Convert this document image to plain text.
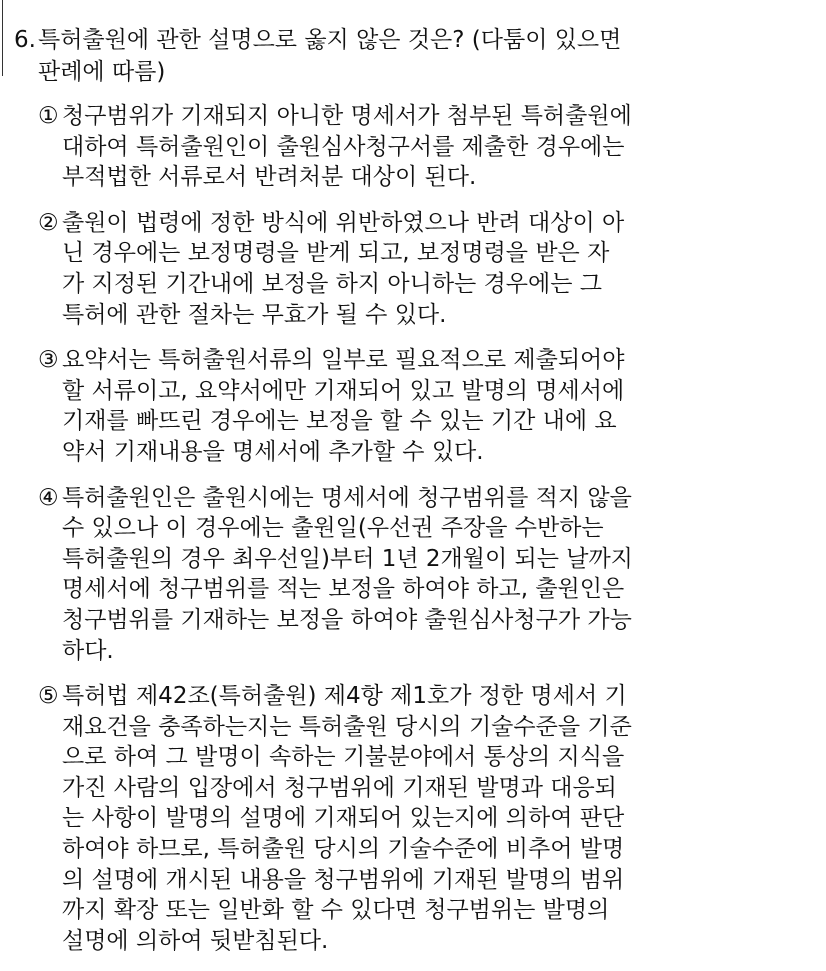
6. 특허출원에 관한 설명으로 옳지 않은 것은? (다툼이 있으면
판례에 따름)
① 청구범위가 기재되지 아니한 명세서가 첨부된 특허출원에
대하여 특허출원인이 출원심사청구서를 제출한 경우에는
부적법한 서류로서 반려처분 대상이 된다.
② 출원이 법령에 정한 방식에 위반하였으나 반려 대상이 아
닌 경우에는 보정명령을 받게 되고, 보정명령을 받은 자
가 지정된 기간내에 보정을 하지 아니하는 경우에는 그
특허에 관한 절차는 무효가 될 수 있다.
③ 요약서는 특허출원서류의 일부로 필요적으로 제출되어야
할 서류이고, 요약서에만 기재되어 있고 발명의 명세서에
기재를 빠뜨린 경우에는 보정을 할 수 있는 기간 내에 요
약서 기재내용을 명세서에 추가할 수 있다.
④ 특허출원인은 출원시에는 명세서에 청구범위를 적지 않을
수 있으나 이 경우에는 출원일(우선권 주장을 수반하는
특허출원의 경우 최우선일)부터 1년 2개월이 되는 날까지
명세서에 청구범위를 적는 보정을 하여야 하고, 출원인은
청구범위를 기재하는 보정을 하여야 출원심사청구가 가능
하다.
⑤ 특허법 제42조(특허출원) 제4항 제1호가 정한 명세서 기
재요건을 충족하는지는 특허출원 당시의 기술수준을 기준
으로 하여 그 발명이 속하는 기불분야에서 통상의 지식을
가진 사람의 입장에서 청구범위에 기재된 발명과 대응되
는 사항이 발명의 설명에 기재되어 있는지에 의하여 판단
하여야 하므로, 특허출원 당시의 기술수준에 비추어 발명
의 설명에 개시된 내용을 청구범위에 기재된 발명의 범위
까지 확장 또는 일반화 할 수 있다면 청구범위는 발명의
설명에 의하여 뒷받침된다.
